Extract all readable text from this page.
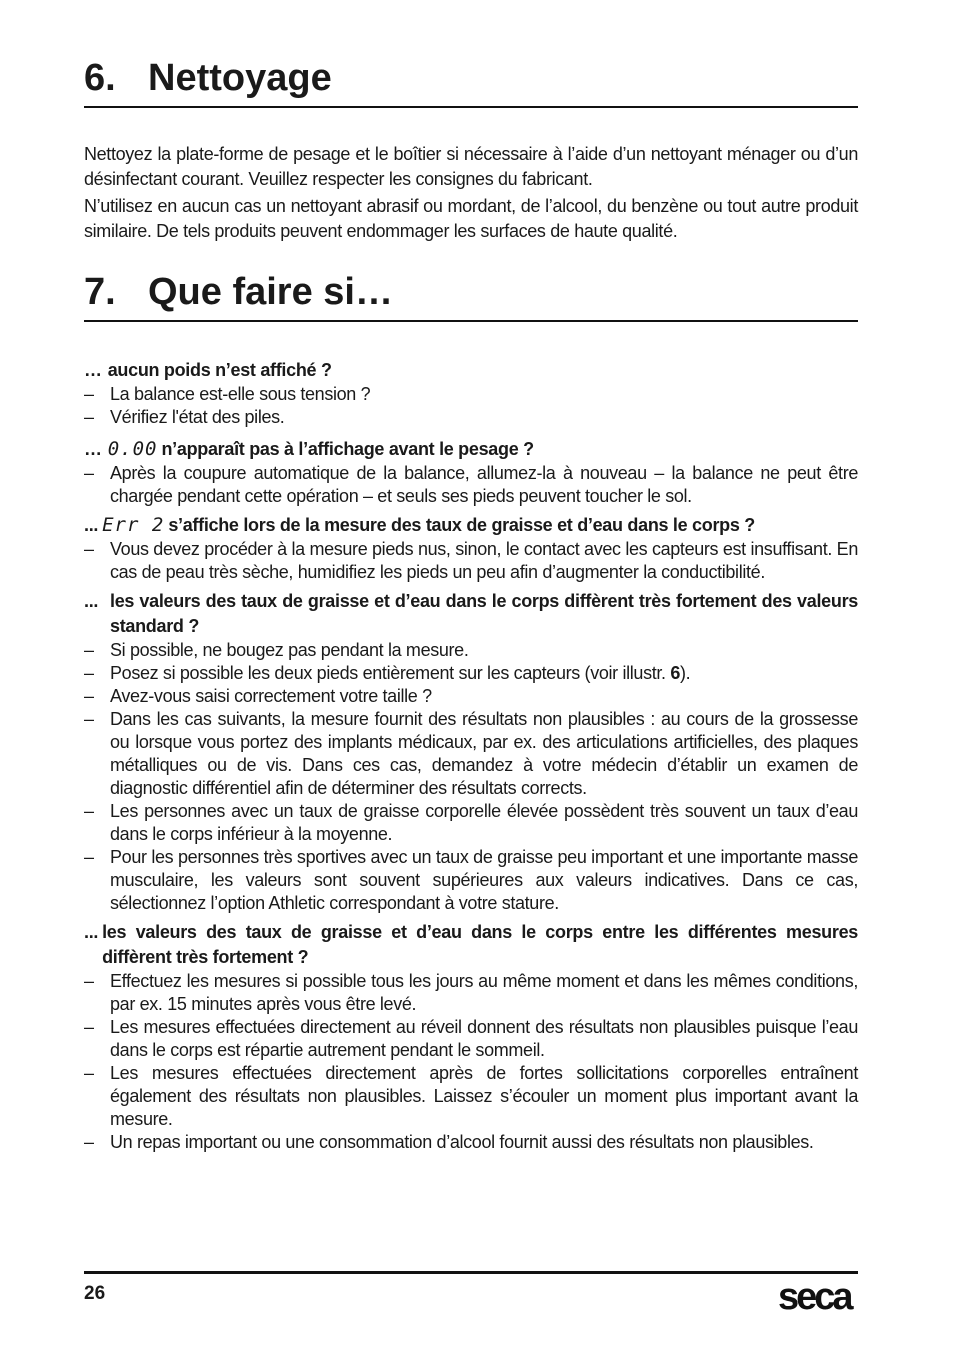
6. Nettoyage

Nettoyez la plate-forme de pesage et le boîtier si nécessaire à l’aide d’un nettoyant ménager ou d’un désinfectant courant. Veuillez respecter les consignes du fabricant.

N’utilisez en aucun cas un nettoyant abrasif ou mordant, de l’alcool, du benzène ou tout autre produit similaire. De tels produits peuvent endommager les surfaces de haute qualité.

7. Que faire si…
… aucun poids n’est affiché ?
– La balance est-elle sous tension ?
– Vérifiez l'état des piles.
… 0.00 n’apparaît pas à l’affichage avant le pesage ?
– Après la coupure automatique de la balance, allumez-la à nouveau – la balance ne peut être chargée pendant cette opération – et seuls ses pieds peuvent toucher le sol.
... Err 2 s’affiche lors de la mesure des taux de graisse et d’eau dans le corps ?
– Vous devez procéder à la mesure pieds nus, sinon, le contact avec les capteurs est insuffisant. En cas de peau très sèche, humidifiez les pieds un peu afin d’augmenter la conductibilité.
... les valeurs des taux de graisse et d’eau dans le corps diffèrent très fortement des valeurs standard ?
– Si possible, ne bougez pas pendant la mesure.
– Posez si possible les deux pieds entièrement sur les capteurs (voir illustr. 6).
– Avez-vous saisi correctement votre taille ?
– Dans les cas suivants, la mesure fournit des résultats non plausibles : au cours de la grossesse ou lorsque vous portez des implants médicaux, par ex. des articulations artificielles, des plaques métalliques ou de vis. Dans ces cas, demandez à votre médecin d’établir un examen de diagnostic différentiel afin de déterminer des résultats corrects.
– Les personnes avec un taux de graisse corporelle élevée possèdent très souvent un taux d’eau dans le corps inférieur à la moyenne.
– Pour les personnes très sportives avec un taux de graisse peu important et une importante masse musculaire, les valeurs sont souvent supérieures aux valeurs indicatives. Dans ce cas, sélectionnez l’option Athletic correspondant à votre stature.
... les valeurs des taux de graisse et d’eau dans le corps entre les différentes mesures diffèrent très fortement ?
– Effectuez les mesures si possible tous les jours au même moment et dans les mêmes conditions, par ex. 15 minutes après vous être levé.
– Les mesures effectuées directement au réveil donnent des résultats non plausibles puisque l’eau dans le corps est répartie autrement pendant le sommeil.
– Les mesures effectuées directement après de fortes sollicitations corporelles entraînent également des résultats non plausibles. Laissez s’écouler un moment plus important avant la mesure.
– Un repas important ou une consommation d’alcool fournit aussi des résultats non plausibles.
26	seca
